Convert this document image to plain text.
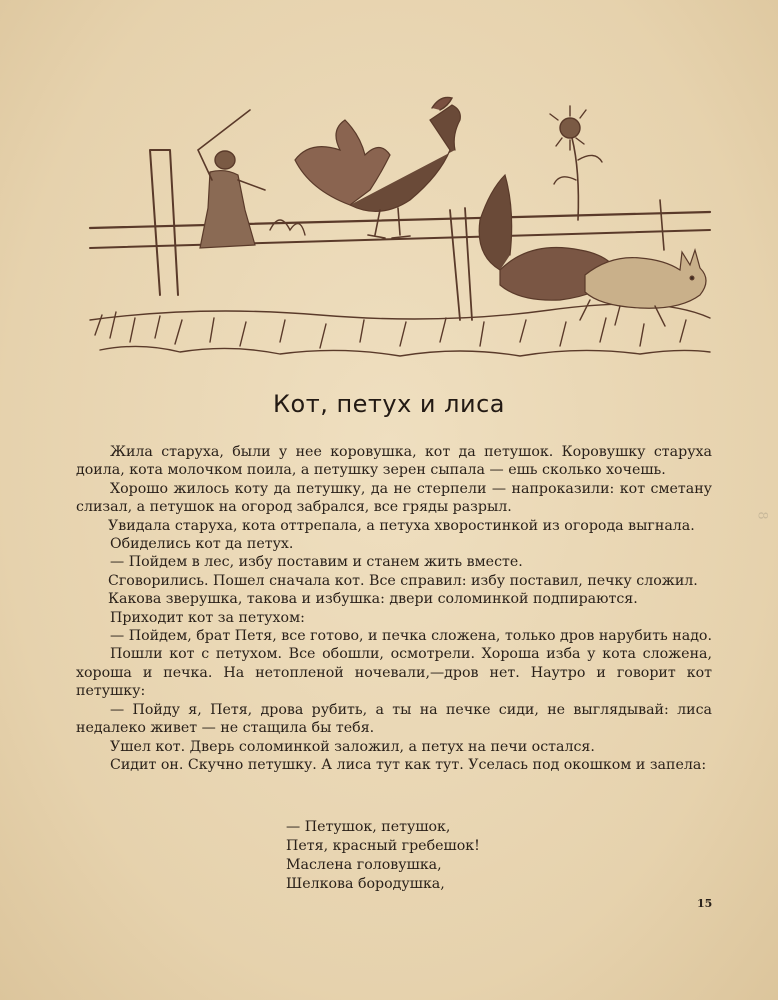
Кот, петух и лиса

Жила старуха, были у нее коровушка, кот да петушок. Коровушку старуха доила, кота молочком поила, а петушку зерен сыпала — ешь сколько хочешь.

Хорошо жилось коту да петушку, да не стерпели — напроказили: кот сметану слизал, а петушок на огород забрался, все гряды разрыл.

Увидала старуха, кота оттрепала, а петуха хворостинкой из огорода выгнала.

Обиделись кот да петух.

— Пойдем в лес, избу поставим и станем жить вместе.

Сговорились. Пошел сначала кот. Все справил: избу поставил, печку сложил.

Какова зверушка, такова и избушка: двери соломинкой подпираются.

Приходит кот за петухом:

— Пойдем, брат Петя, все готово, и печка сложена, только дров нарубить надо.

Пошли кот с петухом. Все обошли, осмотрели. Хороша изба у кота сложена, хороша и печка. На нетопленой ночевали,—дров нет. Наутро и говорит кот петушку:

— Пойду я, Петя, дрова рубить, а ты на печке сиди, не выглядывай: лиса недалеко живет — не стащила бы тебя.

Ушел кот. Дверь соломинкой заложил, а петух на печи остался.

Сидит он. Скучно петушку. А лиса тут как тут. Уселась под окошком и запела:

— Петушок, петушок,
Петя, красный гребешок!
Маслена головушка,
Шелкова бородушка,
15
8
